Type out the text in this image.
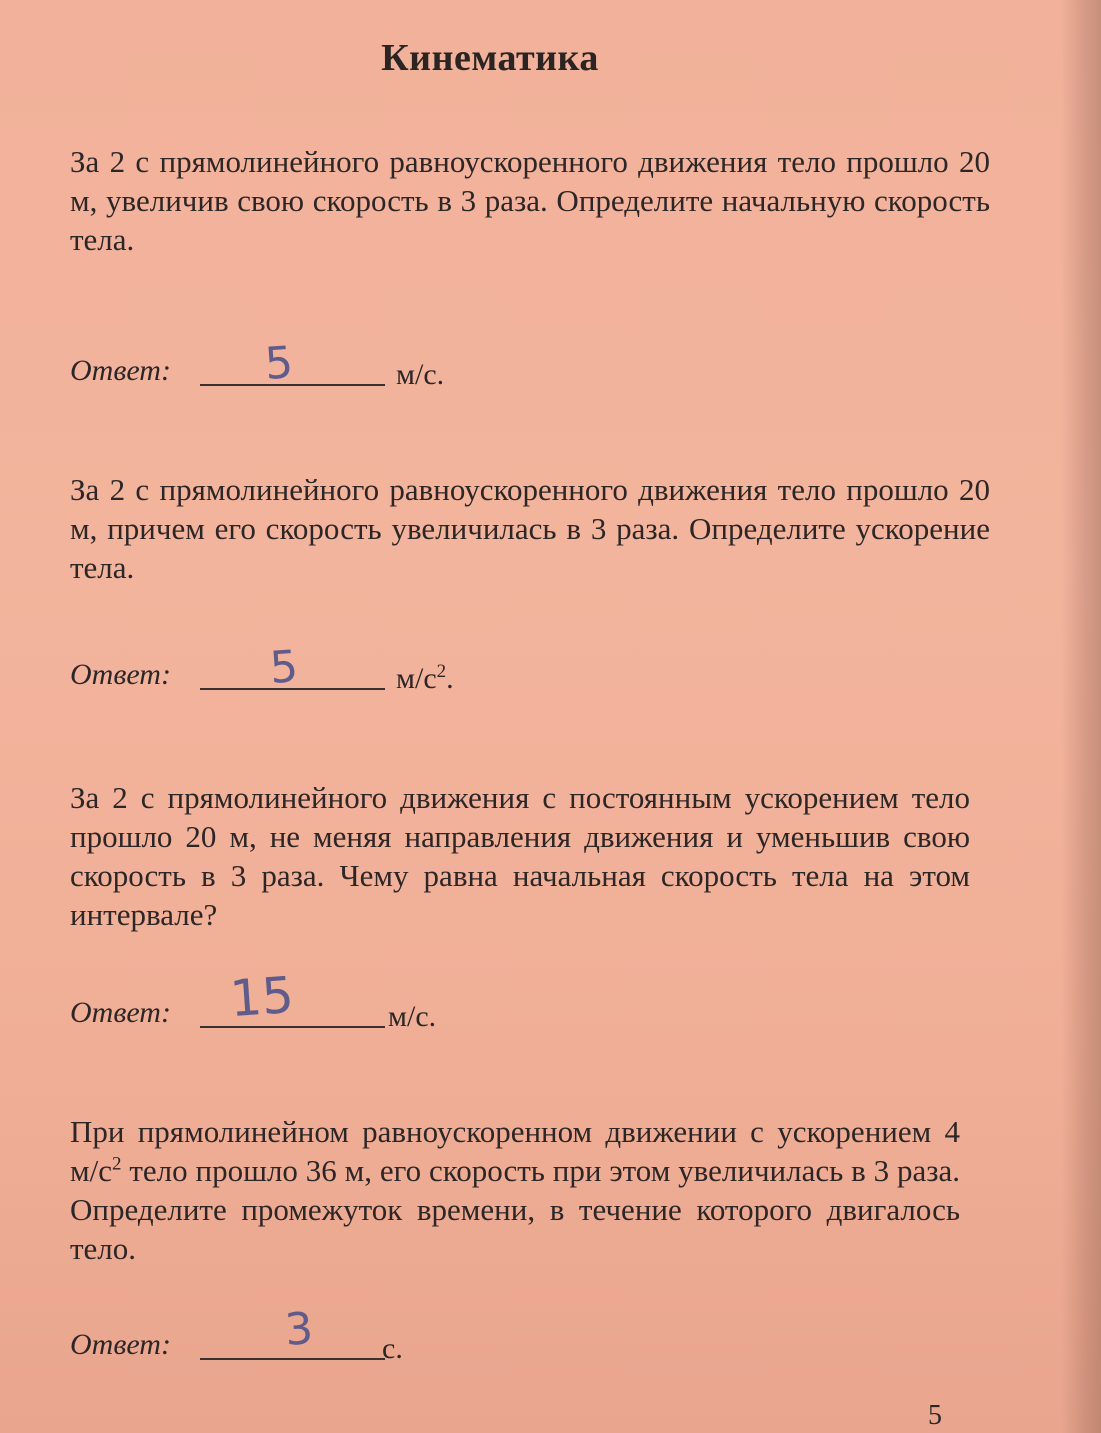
Кинематика
За 2 с прямолинейного равноускоренного движения тело прошло 20 м, увеличив свою скорость в 3 раза. Определите начальную скорость тела.
Ответ: 5	м/с.
За 2 с прямолинейного равноускоренного движения тело прошло 20 м, причем его скорость увеличилась в 3 раза. Определите ускорение тела.
Ответ: 5	$м/с^2$.
За 2 с прямолинейного движения с постоянным ускорением тело прошло 20 м, не меняя направления движения и уменьшив свою скорость в 3 раза. Чему равна начальная скорость тела на этом интервале?
Ответ: 15	м/с.
При прямолинейном равноускоренном движении с ускорением 4 $м/с^2$ тело прошло 36 м, его скорость при этом увеличилась в 3 раза. Определите промежуток времени, в течение которого двигалось тело.
Ответ:	3 с.
5
